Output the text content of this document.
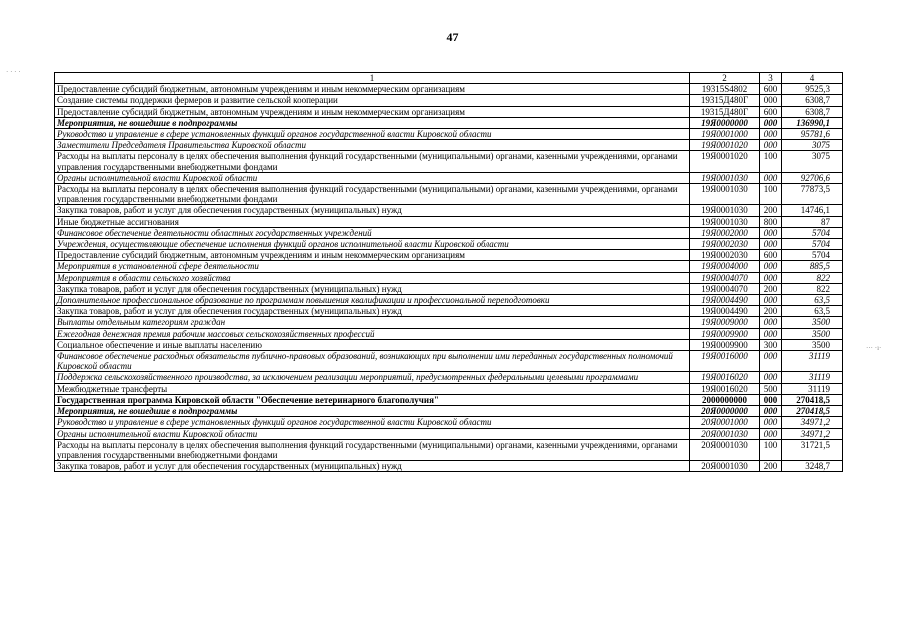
47
· · · ·
··· ·ı·
1	2	3	4
Предоставление субсидий бюджетным, автономным учреждениям и иным некоммерческим организациям	19315S4802	600	9525,3
Создание системы поддержки фермеров и развитие сельской кооперации	19315Д480Г	000	6308,7
Предоставление субсидий бюджетным, автономным учреждениям и иным некоммерческим организациям	19315Д480Г	600	6308,7
Мероприятия, не вошедшие в подпрограммы	19Я0000000	000	136990,1
Руководство и управление в сфере установленных функций органов государственной власти Кировской области	19Я0001000	000	95781,6
Заместители Председателя Правительства Кировской области	19Я0001020	000	3075
Расходы на выплаты персоналу в целях обеспечения выполнения функций государственными (муниципальными) органами, казенными учреждениями, органами управления государственными внебюджетными фондами	19Я0001020	100	3075
Органы исполнительной власти Кировской области	19Я0001030	000	92706,6
Расходы на выплаты персоналу в целях обеспечения выполнения функций государственными (муниципальными) органами, казенными учреждениями, органами управления государственными внебюджетными фондами	19Я0001030	100	77873,5
Закупка товаров, работ и услуг для обеспечения государственных (муниципальных) нужд	19Я0001030	200	14746,1
Иные бюджетные ассигнования	19Я0001030	800	87
Финансовое обеспечение деятельности областных государственных учреждений	19Я0002000	000	5704
Учреждения, осуществляющие обеспечение исполнения функций органов исполнительной власти Кировской области	19Я0002030	000	5704
Предоставление субсидий бюджетным, автономным учреждениям и иным некоммерческим организациям	19Я0002030	600	5704
Мероприятия в установленной сфере деятельности	19Я0004000	000	885,5
Мероприятия в области сельского хозяйства	19Я0004070	000	822
Закупка товаров, работ и услуг для обеспечения государственных (муниципальных) нужд	19Я0004070	200	822
Дополнительное профессиональное образование по программам повышения квалификации и профессиональной переподготовки	19Я0004490	000	63,5
Закупка товаров, работ и услуг для обеспечения государственных (муниципальных) нужд	19Я0004490	200	63,5
Выплаты отдельным категориям граждан	19Я0009000	000	3500
Ежегодная денежная премия рабочим массовых сельскохозяйственных профессий	19Я0009900	000	3500
Социальное обеспечение и иные выплаты населению	19Я0009900	300	3500
Финансовое обеспечение расходных обязательств публично-правовых образований, возникающих при выполнении ими переданных государственных полномочий Кировской области	19Я0016000	000	31119
Поддержка сельскохозяйственного производства, за исключением реализации мероприятий, предусмотренных федеральными целевыми программами	19Я0016020	000	31119
Межбюджетные трансферты	19Я0016020	500	31119
Государственная программа Кировской области "Обеспечение ветеринарного благополучия"	2000000000	000	270418,5
Мероприятия, не вошедшие в подпрограммы	20Я0000000	000	270418,5
Руководство и управление в сфере установленных функций органов государственной власти Кировской области	20Я0001000	000	34971,2
Органы исполнительной власти Кировской области	20Я0001030	000	34971,2
Расходы на выплаты персоналу в целях обеспечения выполнения функций государственными (муниципальными) органами, казенными учреждениями, органами управления государственными внебюджетными фондами	20Я0001030	100	31721,5
Закупка товаров, работ и услуг для обеспечения государственных (муниципальных) нужд	20Я0001030	200	3248,7
